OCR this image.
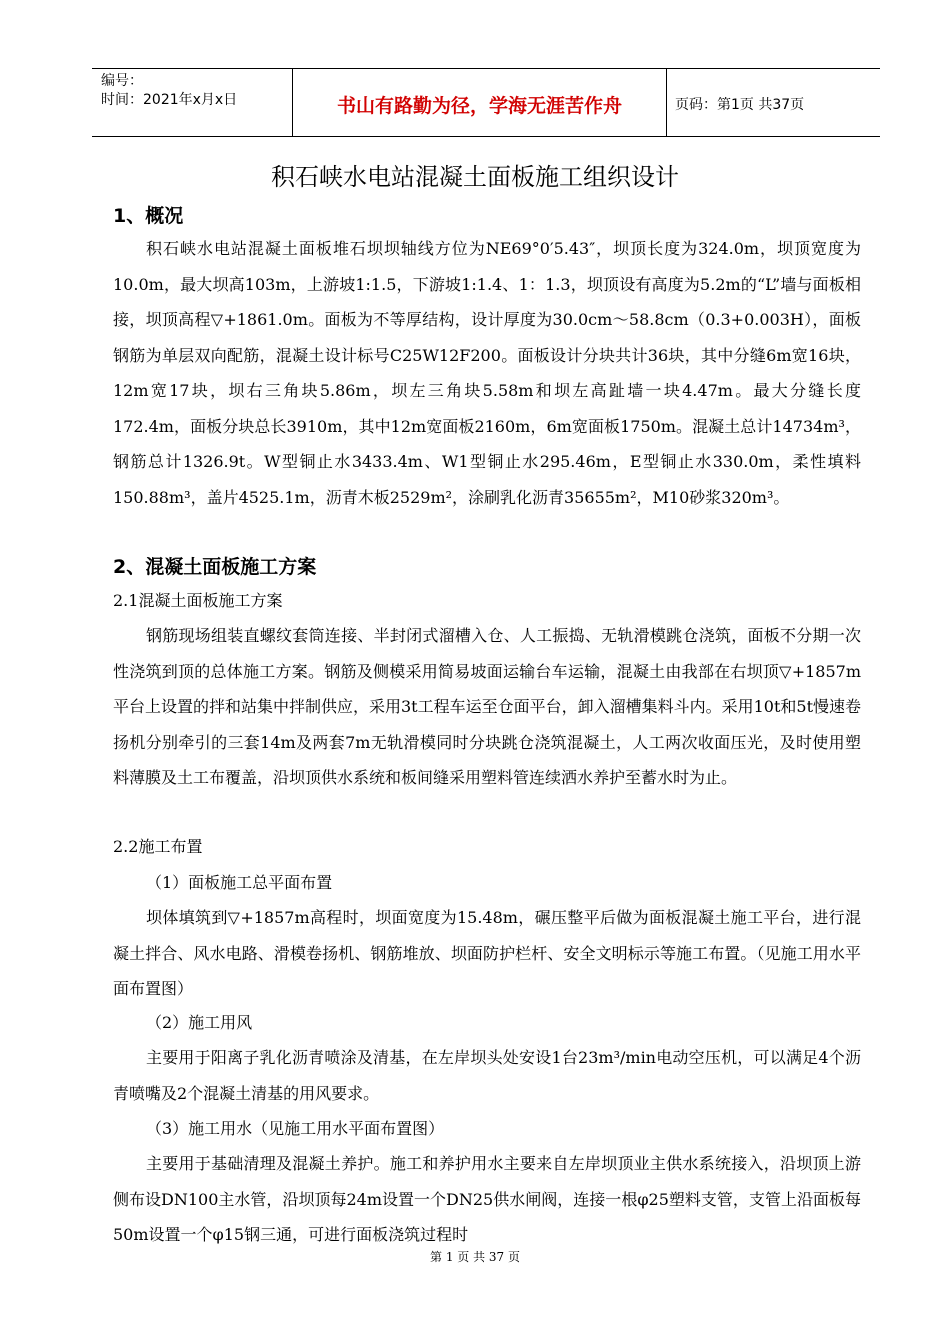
编号：
时间：2021年x月x日	书山有路勤为径，学海无涯苦作舟	页码：第1页 共37页
积石峡水电站混凝土面板施工组织设计
1、概况

积石峡水电站混凝土面板堆石坝坝轴线方位为NE69°0′5.43″，坝顶长度为324.0m，坝顶宽度为10.0m，最大坝高103m，上游坡1:1.5，下游坡1:1.4、1：1.3，坝顶设有高度为5.2m的“L”墙与面板相接，坝顶高程▽+1861.0m。面板为不等厚结构，设计厚度为30.0cm～58.8cm（0.3+0.003H），面板钢筋为单层双向配筋，混凝土设计标号C25W12F200。面板设计分块共计36块，其中分缝6m宽16块，12m宽17块，坝右三角块5.86m，坝左三角块5.58m和坝左高趾墙一块4.47m。最大分缝长度172.4m，面板分块总长3910m，其中12m宽面板2160m，6m宽面板1750m。混凝土总计14734m³，钢筋总计1326.9t。W型铜止水3433.4m、W1型铜止水295.46m，E型铜止水330.0m，柔性填料150.88m³，盖片4525.1m，沥青木板2529m²，涂刷乳化沥青35655m²，M10砂浆320m³。

2、混凝土面板施工方案
2.1混凝土面板施工方案

钢筋现场组装直螺纹套筒连接、半封闭式溜槽入仓、人工振捣、无轨滑模跳仓浇筑，面板不分期一次性浇筑到顶的总体施工方案。钢筋及侧模采用简易坡面运输台车运输，混凝土由我部在右坝顶▽+1857m平台上设置的拌和站集中拌制供应，采用3t工程车运至仓面平台，卸入溜槽集料斗内。采用10t和5t慢速卷扬机分别牵引的三套14m及两套7m无轨滑模同时分块跳仓浇筑混凝土，人工两次收面压光，及时使用塑料薄膜及土工布覆盖，沿坝顶供水系统和板间缝采用塑料管连续洒水养护至蓄水时为止。

2.2施工布置
（1）面板施工总平面布置

坝体填筑到▽+1857m高程时，坝面宽度为15.48m，碾压整平后做为面板混凝土施工平台，进行混凝土拌合、风水电路、滑模卷扬机、钢筋堆放、坝面防护栏杆、安全文明标示等施工布置。（见施工用水平面布置图）

（2）施工用风

主要用于阳离子乳化沥青喷涂及清基，在左岸坝头处安设1台23m³/min电动空压机，可以满足4个沥青喷嘴及2个混凝土清基的用风要求。

（3）施工用水（见施工用水平面布置图）

主要用于基础清理及混凝土养护。施工和养护用水主要来自左岸坝顶业主供水系统接入，沿坝顶上游侧布设DN100主水管，沿坝顶每24m设置一个DN25供水闸阀，连接一根φ25塑料支管，支管上沿面板每50m设置一个φ15钢三通，可进行面板浇筑过程时

第 1 页 共 37 页
